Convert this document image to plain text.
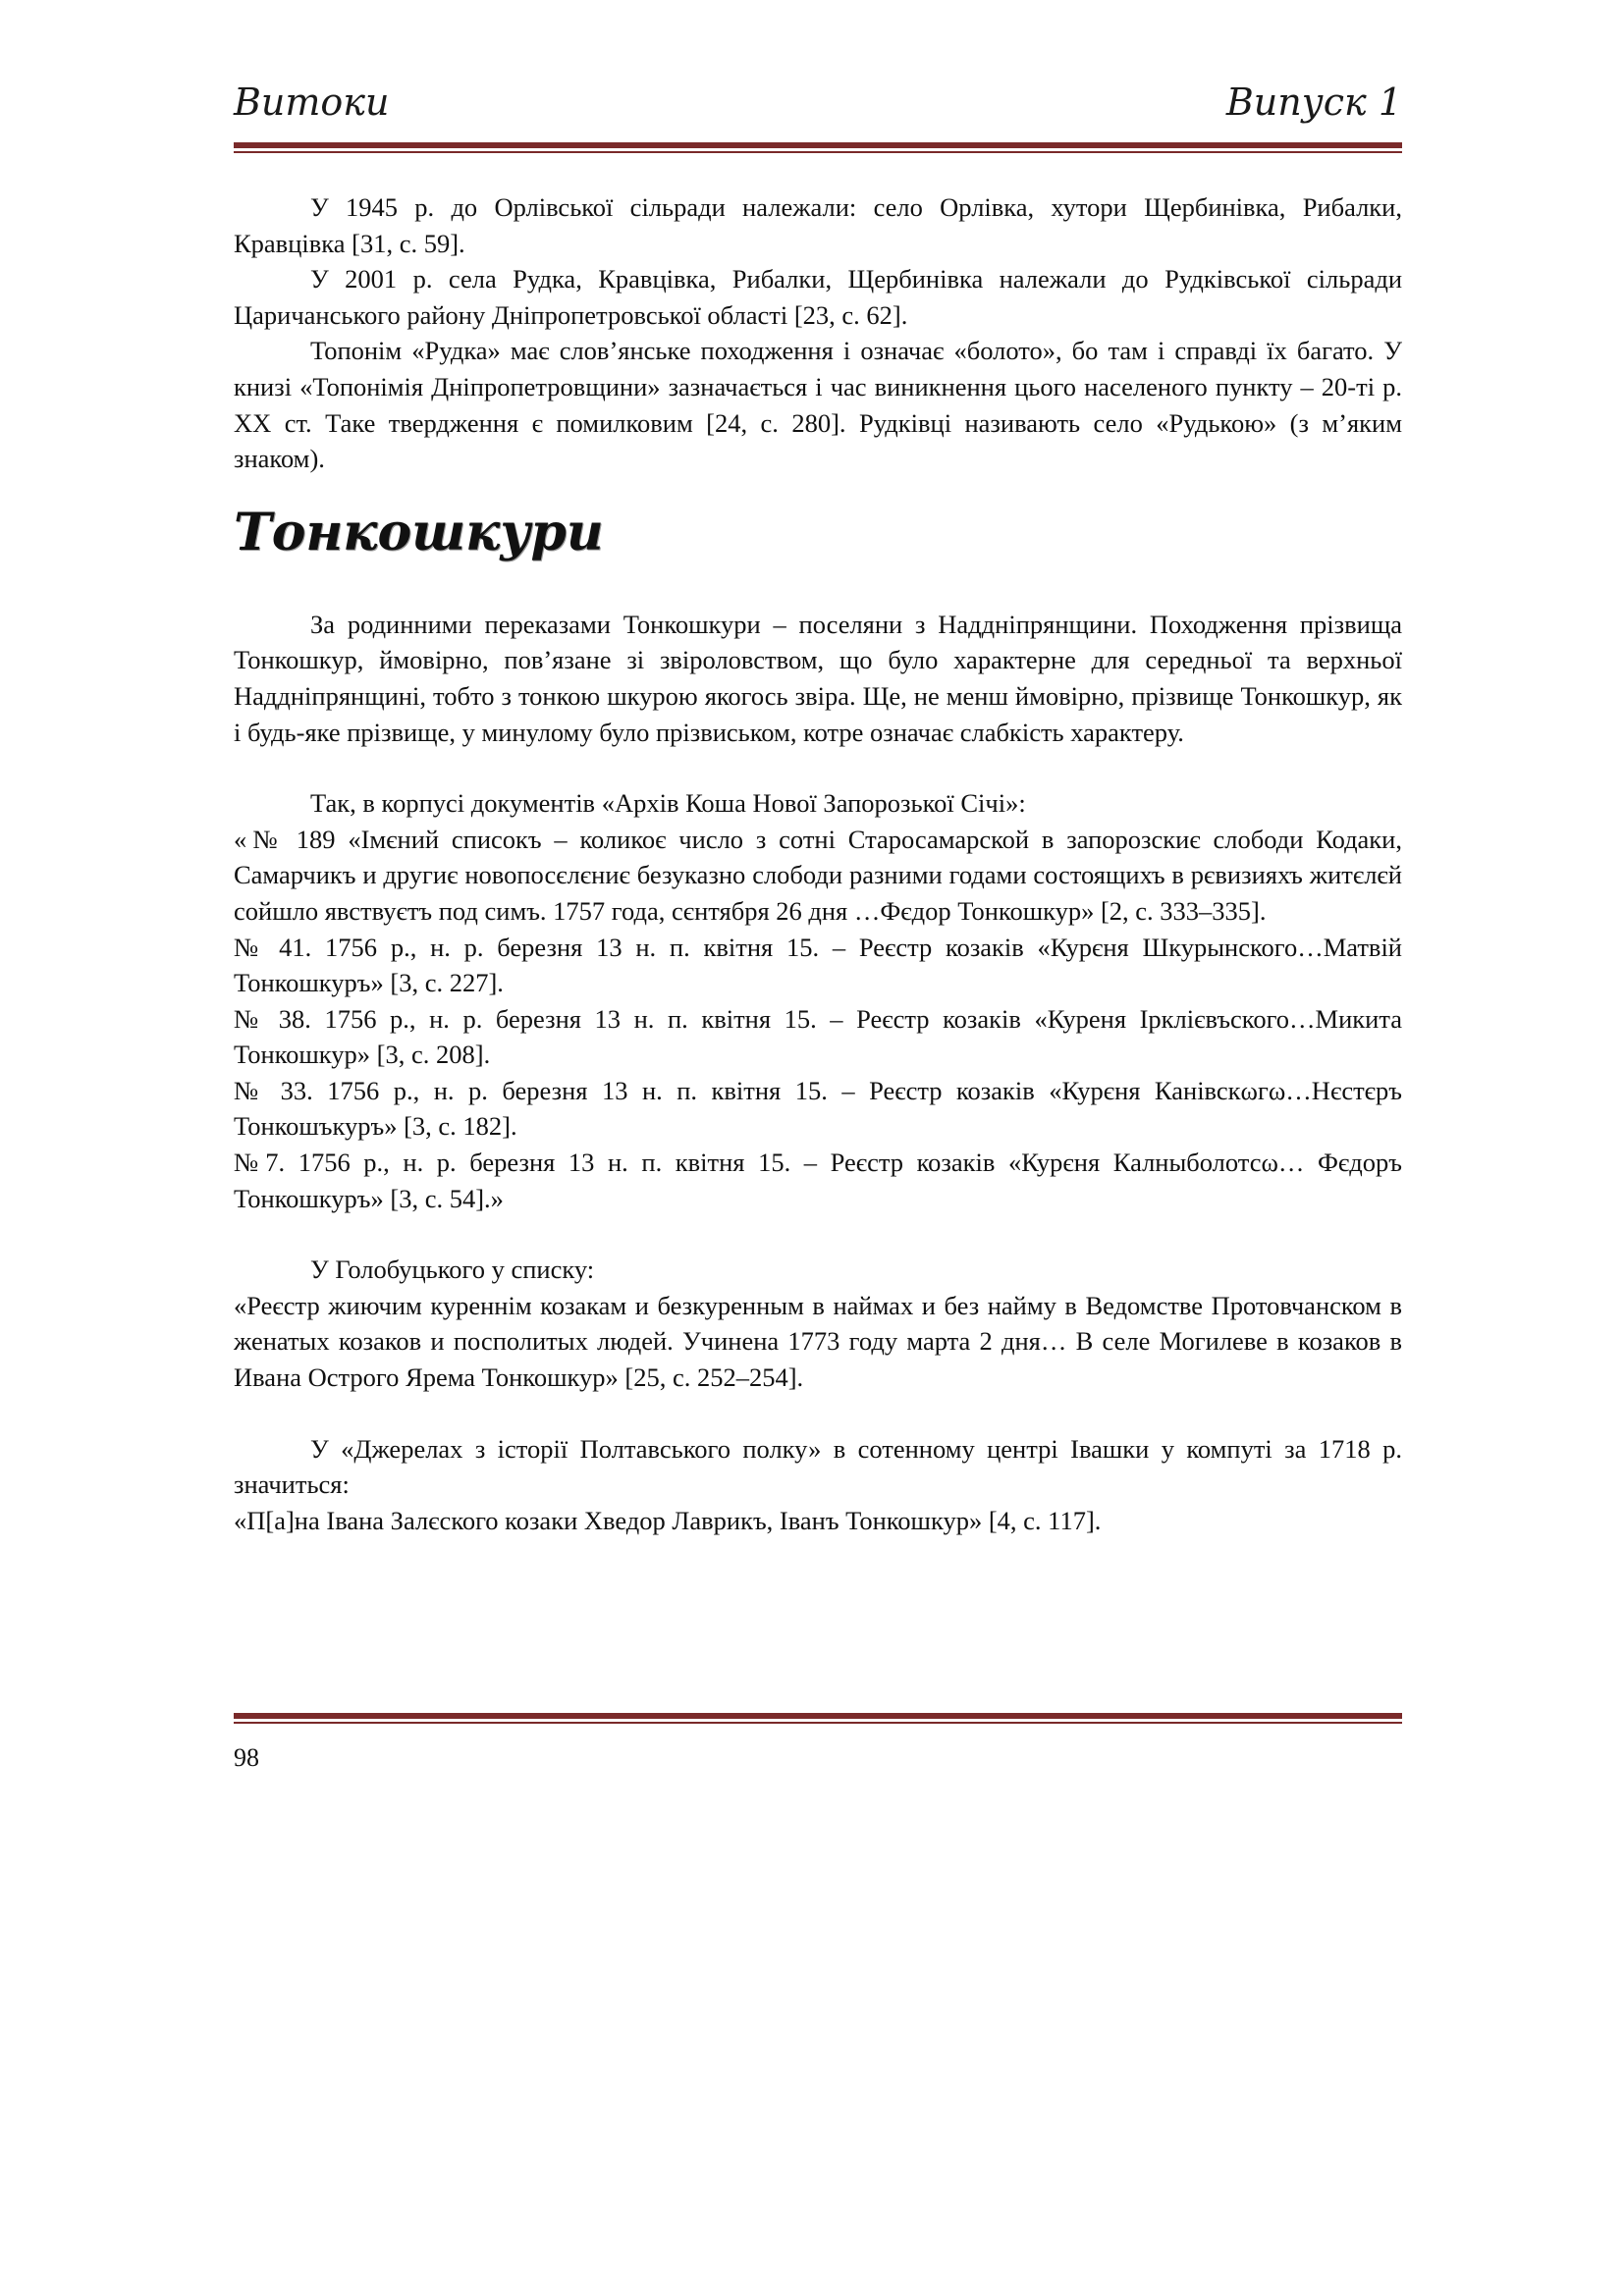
Витоки	Випуск 1

У 1945 р. до Орлівської сільради належали: село Орлівка, хутори Щербинівка, Рибалки, Кравцівка [31, с. 59].

У 2001 р. села Рудка, Кравцівка, Рибалки, Щербинівка належали до Рудківської сільради Царичанського району Дніпропетровської області [23, с. 62].

Топонім «Рудка» має слов’янське походження і означає «болото», бо там і справді їх багато. У книзі «Топонімія Дніпропетровщини» зазначається і час виникнення цього населеного пункту – 20-ті р. ХХ ст. Таке твердження є помилковим [24, с. 280]. Рудківці називають село «Рудькою» (з м’яким знаком).

Тонкошкури

За родинними переказами Тонкошкури – поселяни з Наддніпрянщини. Походження прізвища Тонкошкур, ймовірно, пов’язане зі звіроловством, що було характерне для середньої та верхньої Наддніпрянщині, тобто з тонкою шкурою якогось звіра. Ще, не менш ймовірно, прізвище Тонкошкур, як і будь-яке прізвище, у минулому було прізвиськом, котре означає слабкість характеру.

Так, в корпусі документів «Архів Коша Нової Запорозької Січі»:

«№ 189 «Імєний списокъ – коликоє число з сотні Старосамарской в запорозскиє слободи Кодаки, Самарчикъ и другиє новопосєлєниє безуказно слободи разними годами состоящихъ в рєвизияхъ житєлєй сойшло явствуєтъ под симъ. 1757 года, сєнтября 26 дня …Фєдор Тонкошкур» [2, с. 333–335].

№ 41. 1756 р., н. р. березня 13 н. п. квітня 15. – Реєстр козаків «Курєня Шкурынского…Матвій Тонкошкуръ» [3, с. 227].

№ 38. 1756 р., н. р. березня 13 н. п. квітня 15. – Реєстр козаків «Куреня Ірклієвъского…Микита Тонкошкур» [3, с. 208].

№ 33. 1756 р., н. р. березня 13 н. п. квітня 15. – Реєстр козаків «Курєня Канівскωгω…Нєстєръ Тонкошъкуръ» [3, с. 182].

№7. 1756 р., н. р. березня 13 н. п. квітня 15. – Реєстр козаків «Курєня Калныболотсω… Фєдоръ Тонкошкуръ» [3, с. 54].»

У Голобуцького у списку:

«Реєстр жиючим куреннім козакам и безкуренным в наймах и без найму в Ведомстве Протовчанском в женатых козаков и посполитых людей. Учинена 1773 году марта 2 дня… В селе Могилеве в козаков в Ивана Острого Ярема Тонкошкур» [25, с. 252–254].

У «Джерелах з історії Полтавського полку» в сотенному центрі Івашки у компуті за 1718 р. значиться:

«П[а]на Івана Залєского козаки Хведор Лаврикъ, Іванъ Тонкошкур» [4, с. 117].

98
